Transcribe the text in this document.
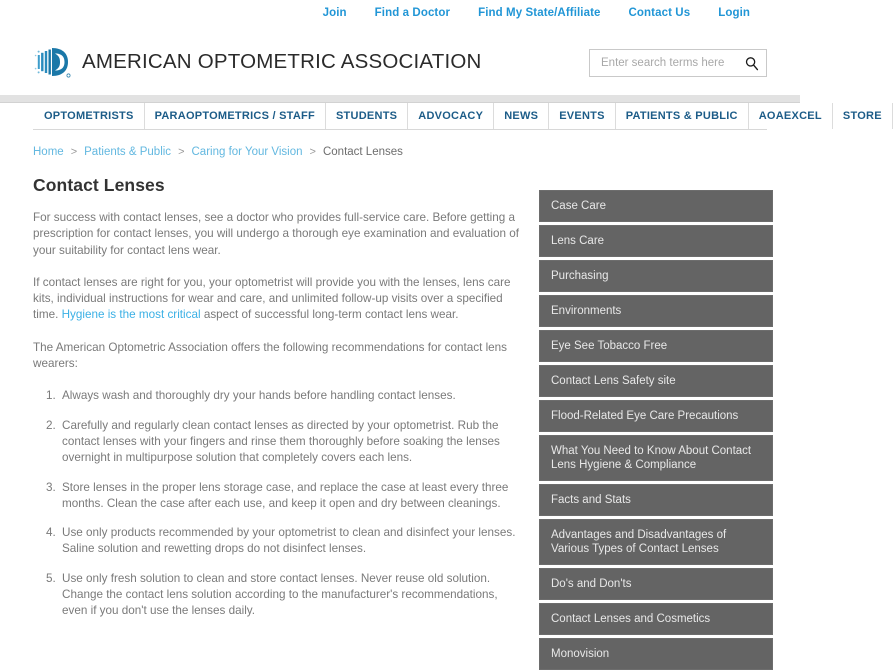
Join Find a Doctor Find My State/Affiliate Contact Us Login
AMERICAN OPTOMETRIC ASSOCIATION
Enter search terms here
OPTOMETRISTS	PARAOPTOMETRICS / STAFF	STUDENTS	ADVOCACY	NEWS	EVENTS	PATIENTS & PUBLIC	AOAEXCEL	STORE
Home > Patients & Public > Caring for Your Vision > Contact Lenses
Contact Lenses

For success with contact lenses, see a doctor who provides full-service care. Before getting a prescription for contact lenses, you will undergo a thorough eye examination and evaluation of your suitability for contact lens wear.

If contact lenses are right for you, your optometrist will provide you with the lenses, lens care kits, individual instructions for wear and care, and unlimited follow-up visits over a specified time. Hygiene is the most critical aspect of successful long-term contact lens wear.

The American Optometric Association offers the following recommendations for contact lens wearers:

1. Always wash and thoroughly dry your hands before handling contact lenses.
2. Carefully and regularly clean contact lenses as directed by your optometrist. Rub the contact lenses with your fingers and rinse them thoroughly before soaking the lenses overnight in multipurpose solution that completely covers each lens.
3. Store lenses in the proper lens storage case, and replace the case at least every three months. Clean the case after each use, and keep it open and dry between cleanings.
4. Use only products recommended by your optometrist to clean and disinfect your lenses. Saline solution and rewetting drops do not disinfect lenses.
5. Use only fresh solution to clean and store contact lenses. Never reuse old solution. Change the contact lens solution according to the manufacturer's recommendations, even if you don't use the lenses daily.
Case Care
Lens Care
Purchasing
Environments
Eye See Tobacco Free
Contact Lens Safety site
Flood-Related Eye Care Precautions
What You Need to Know About Contact Lens Hygiene & Compliance
Facts and Stats
Advantages and Disadvantages of Various Types of Contact Lenses
Do's and Don'ts
Contact Lenses and Cosmetics
Monovision
